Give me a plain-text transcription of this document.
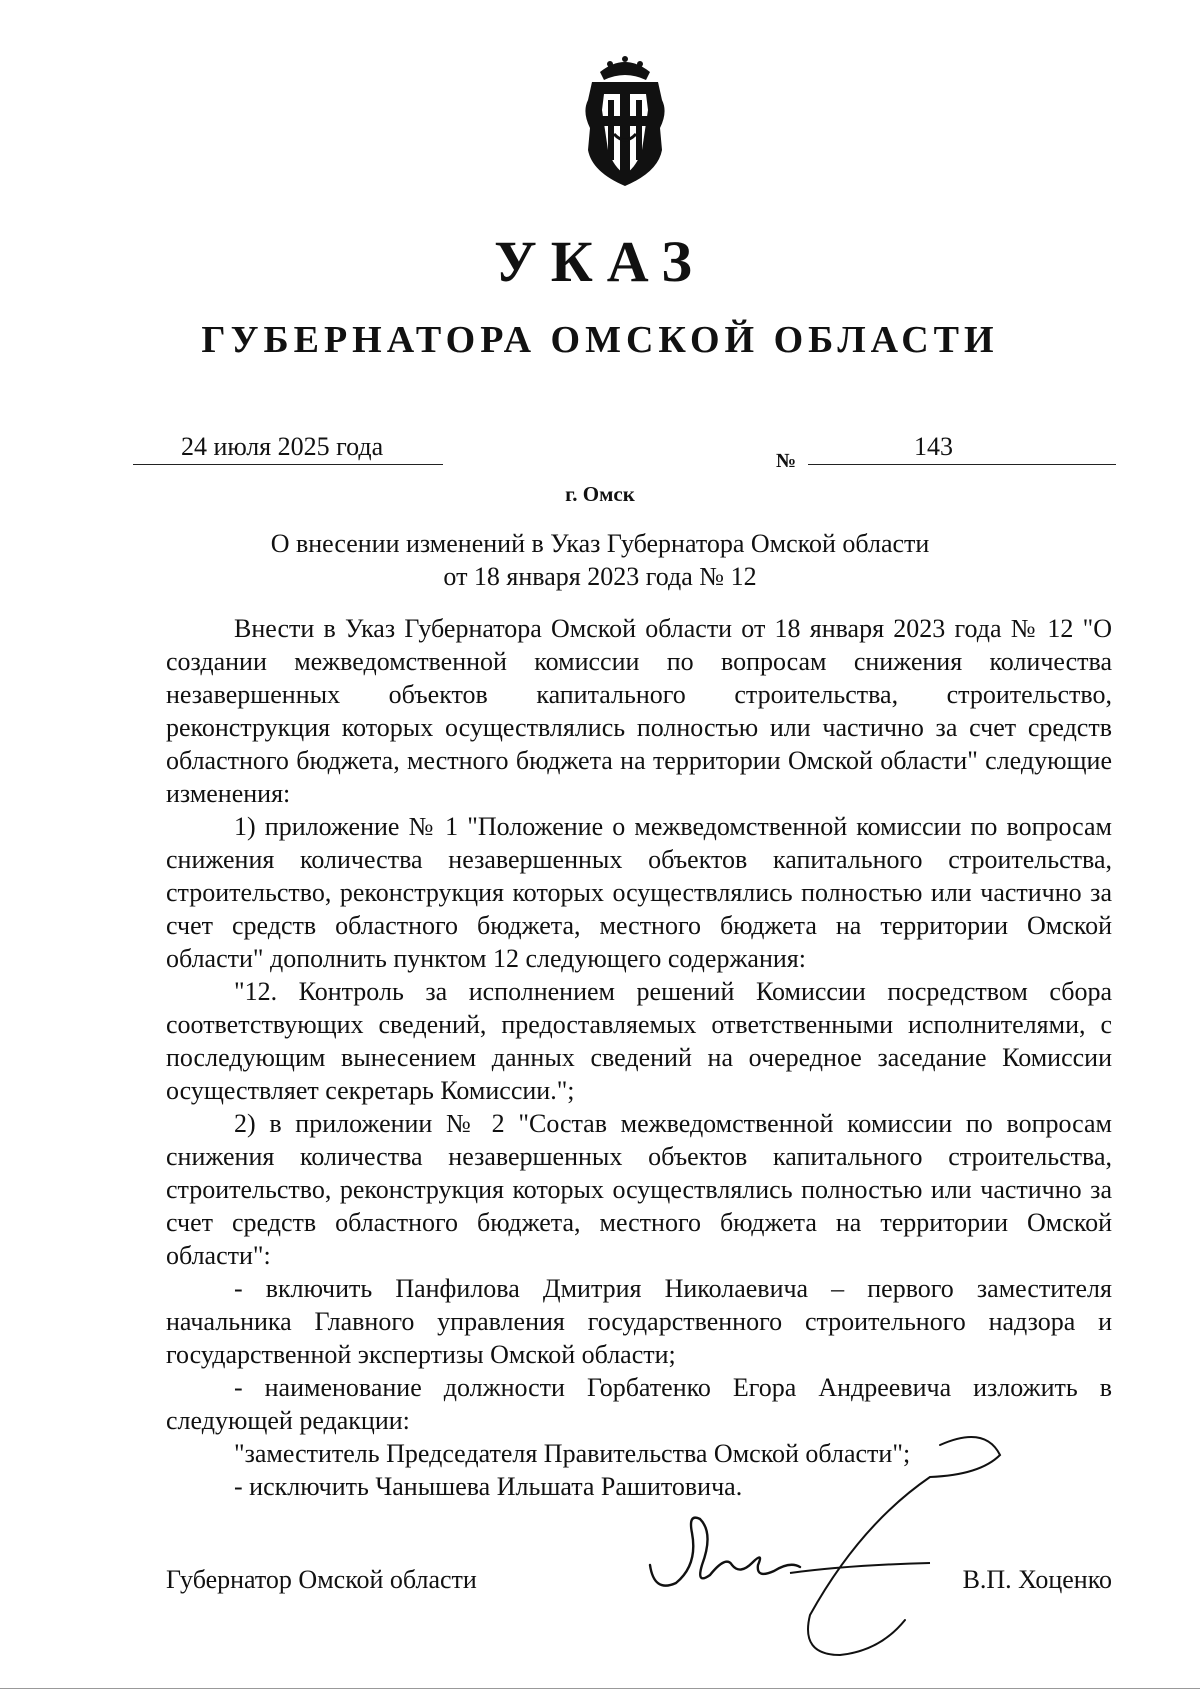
УКАЗ
ГУБЕРНАТОРА ОМСКОЙ ОБЛАСТИ
24 июля 2025 года	№	143
г. Омск
О внесении изменений в Указ Губернатора Омской области
от 18 января 2023 года № 12

Внести в Указ Губернатора Омской области от 18 января 2023 года № 12 "О создании межведомственной комиссии по вопросам снижения количества незавершенных объектов капитального строительства, строительство, реконструкция которых осуществлялись полностью или частично за счет средств областного бюджета, местного бюджета на территории Омской области" следующие изменения:

1) приложение № 1 "Положение о межведомственной комиссии по вопросам снижения количества незавершенных объектов капитального строительства, строительство, реконструкция которых осуществлялись полностью или частично за счет средств областного бюджета, местного бюджета на территории Омской области" дополнить пунктом 12 следующего содержания:

"12. Контроль за исполнением решений Комиссии посредством сбора соответствующих сведений, предоставляемых ответственными исполнителями, с последующим вынесением данных сведений на очередное заседание Комиссии осуществляет секретарь Комиссии.";

2) в приложении № 2 "Состав межведомственной комиссии по вопросам снижения количества незавершенных объектов капитального строительства, строительство, реконструкция которых осуществлялись полностью или частично за счет средств областного бюджета, местного бюджета на территории Омской области":

- включить Панфилова Дмитрия Николаевича – первого заместителя начальника Главного управления государственного строительного надзора и государственной экспертизы Омской области;

- наименование должности Горбатенко Егора Андреевича изложить в следующей редакции:

"заместитель Председателя Правительства Омской области";

- исключить Чанышева Ильшата Рашитовича.

Губернатор Омской области	В.П. Хоценко
